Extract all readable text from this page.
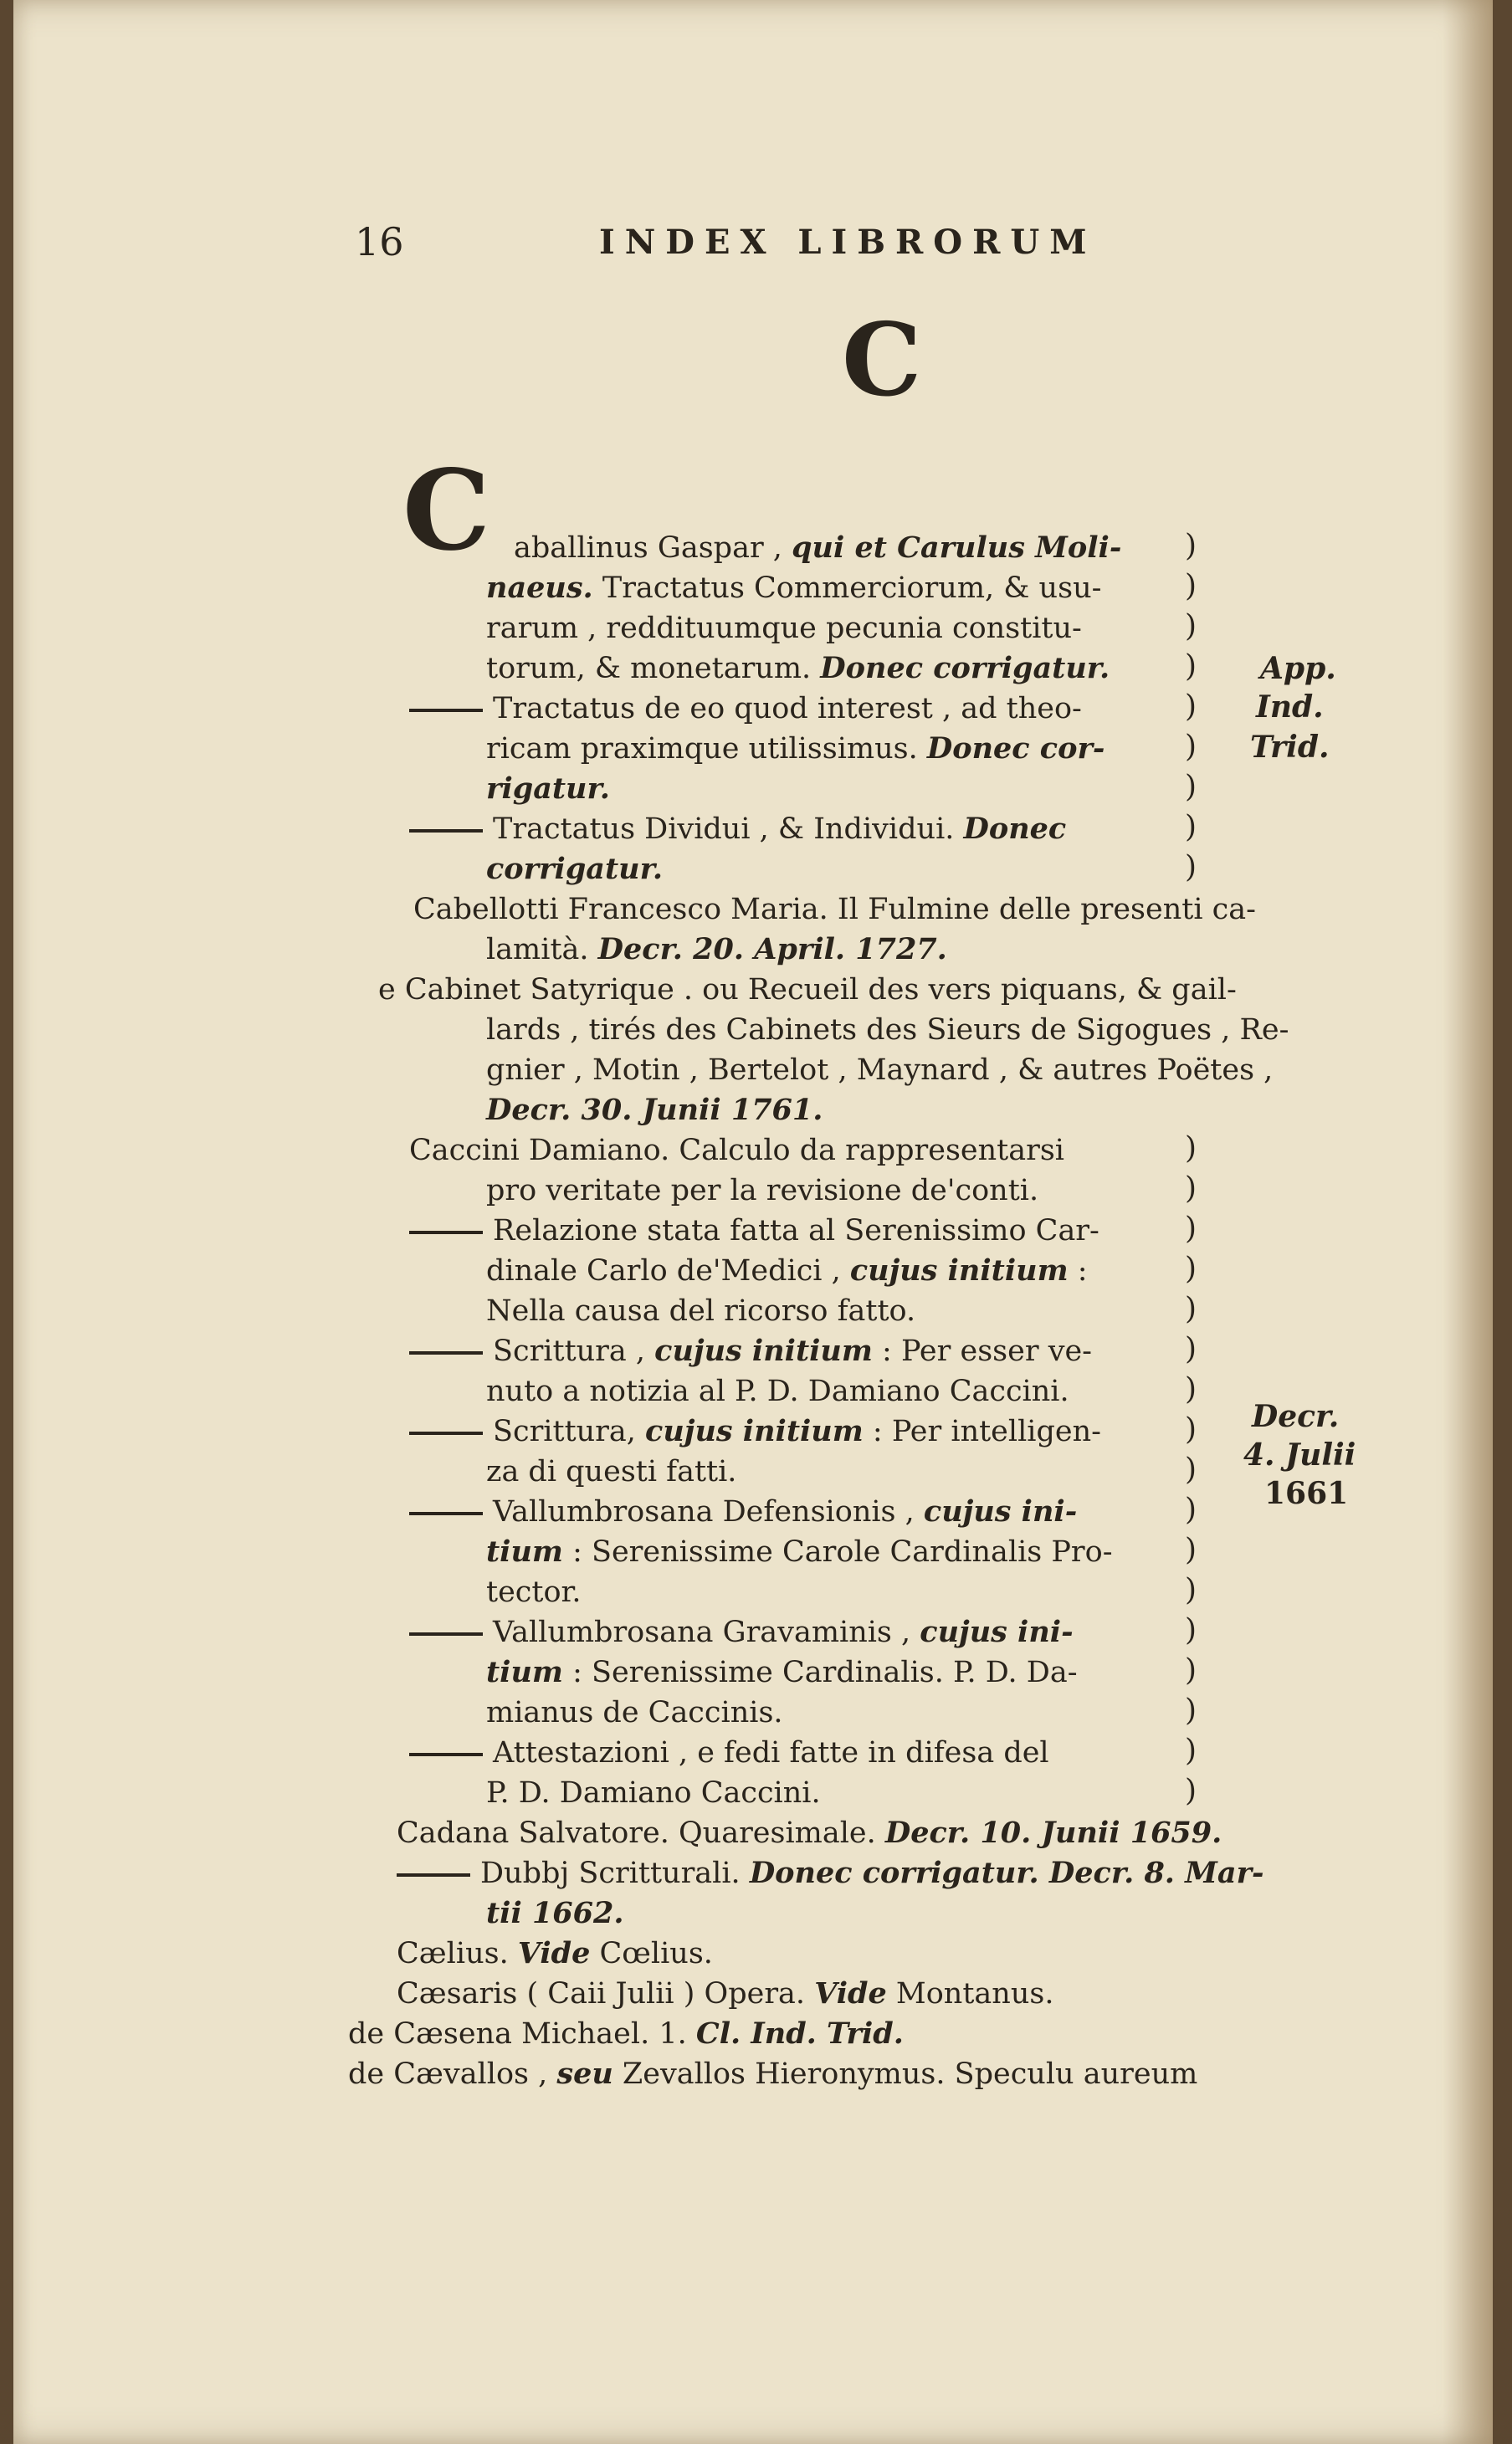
16	INDEX LIBRORUM
C
C aballinus Gaspar , qui et Carulus Moli-
naeus. Tractatus Commerciorum, & usu-
rarum , reddituumque pecunia constitu-
torum, & monetarum. Donec corrigatur.
Tractatus de eo quod interest , ad theo-
ricam praximque utilissimus. Donec cor-
rigatur.
Tractatus Dividui , & Individui. Donec
corrigatur.
Cabellotti Francesco Maria. Il Fulmine delle presenti ca-
lamità. Decr. 20. April. 1727.
e Cabinet Satyrique . ou Recueil des vers piquans, & gail-
lards , tirés des Cabinets des Sieurs de Sigogues , Re-
gnier , Motin , Bertelot , Maynard , & autres Poëtes ,
Decr. 30. Junii 1761.
Caccini Damiano. Calculo da rappresentarsi
pro veritate per la revisione de'conti.
Relazione stata fatta al Serenissimo Car-
dinale Carlo de'Medici , cujus initium :
Nella causa del ricorso fatto.
Scrittura , cujus initium : Per esser ve-
nuto a notizia al P. D. Damiano Caccini.
Scrittura, cujus initium : Per intelligen-
za di questi fatti.
Vallumbrosana Defensionis , cujus ini-
tium : Serenissime Carole Cardinalis Pro-
tector.
Vallumbrosana Gravaminis , cujus ini-
tium : Serenissime Cardinalis. P. D. Da-
mianus de Caccinis.
Attestazioni , e fedi fatte in difesa del
P. D. Damiano Caccini.
Cadana Salvatore. Quaresimale. Decr. 10. Junii 1659.
Dubbj Scritturali. Donec corrigatur. Decr. 8. Mar-
tii 1662.
Cælius. Vide Cœlius.
Cæsaris ( Caii Julii ) Opera. Vide Montanus.
de Cæsena Michael. 1. Cl. Ind. Trid.
de Cævallos , seu Zevallos Hieronymus. Speculu aureum
)
)
)
)
)
)
)
)
)
)
)
)
)
)
)
)
)
)
)
)
)
)
)
)
)
)
App.
Ind.
Trid.
Decr.
4. Julii
1661
